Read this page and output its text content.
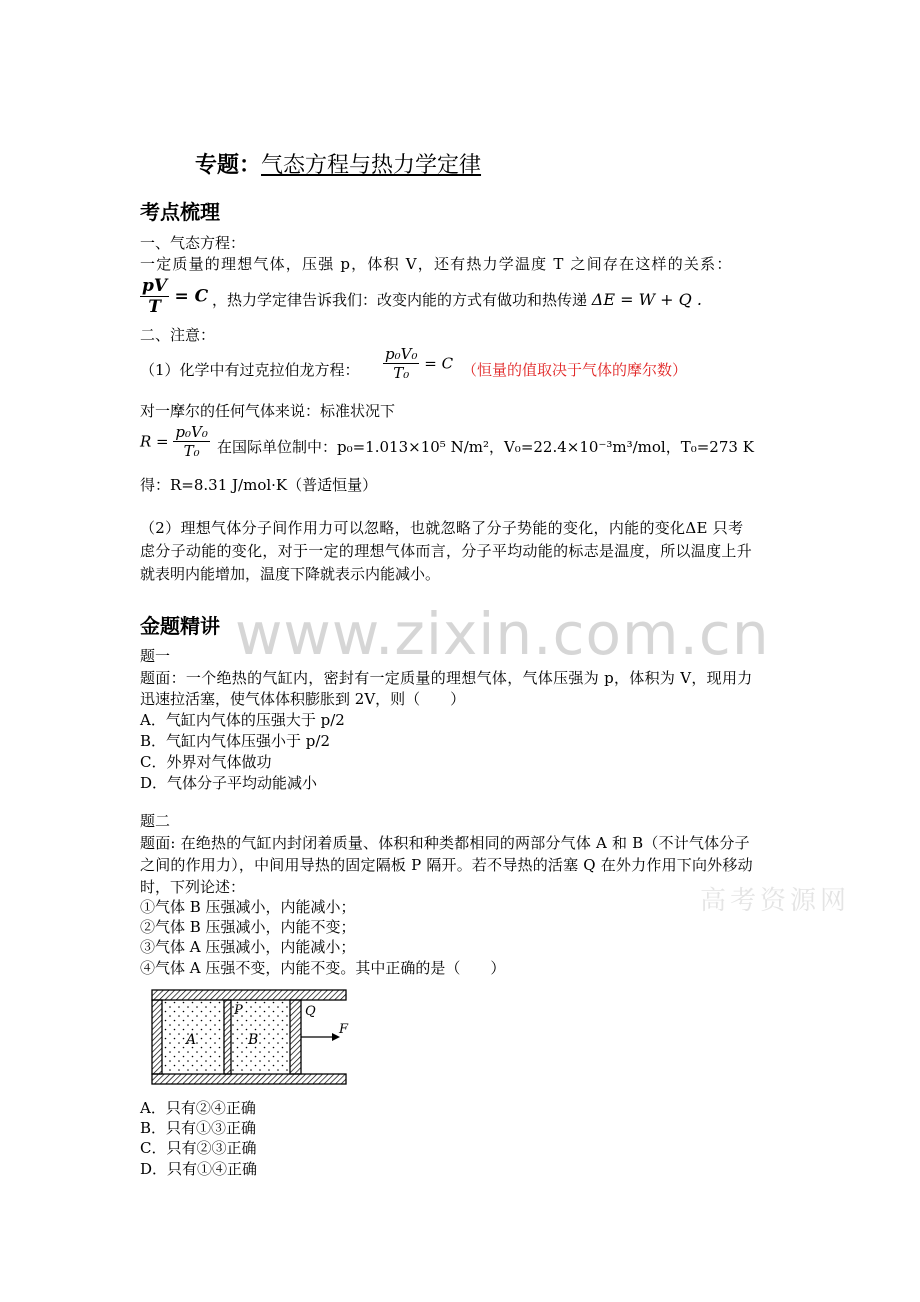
专题：气态方程与热力学定律
考点梳理
一、气态方程：
一定质量的理想气体，压强 p，体积 V，还有热力学温度 T 之间存在这样的关系：
$\frac{pV}{T} = C$ ，热力学定律告诉我们：改变内能的方式有做功和热传递 ΔE = W + Q .
二、注意：
（1）化学中有过克拉伯龙方程： $\frac{\text{p₀V₀}}{\text{T₀}} = C$ （恒量的值取决于气体的摩尔数）
对一摩尔的任何气体来说：标准状况下
$R = \frac{\text{p₀V₀}}{\text{T₀}}$ 在国际单位制中：p₀=1.013×10⁵ N/m²，V₀=22.4×10⁻³m³/mol，T₀=273 K
得：R=8.31 J/mol·K（普适恒量）
（2）理想气体分子间作用力可以忽略，也就忽略了分子势能的变化，内能的变化ΔE 只考
虑分子动能的变化，对于一定的理想气体而言，分子平均动能的标志是温度，所以温度上升
就表明内能增加，温度下降就表示内能减小。
www.zixin.com.cn
高考资源网
金题精讲
题一
题面：一个绝热的气缸内，密封有一定质量的理想气体，气体压强为 p，体积为 V，现用力
迅速拉活塞，使气体体积膨胀到 2V，则（　　）
A．气缸内气体的压强大于 p/2
B．气缸内气体压强小于 p/2
C．外界对气体做功
D．气体分子平均动能减小
题二
题面: 在绝热的气缸内封闭着质量、体积和种类都相同的两部分气体 A 和 B（不计气体分子
之间的作用力），中间用导热的固定隔板 P 隔开。若不导热的活塞 Q 在外力作用下向外移动
时，下列论述：
①气体 B 压强减小，内能减小；
②气体 B 压强减小，内能不变；
③气体 A 压强减小，内能减小；
④气体 A 压强不变，内能不变。其中正确的是（　　）
A	B
P	Q
F
A．只有②④正确
B．只有①③正确
C．只有②③正确
D．只有①④正确
